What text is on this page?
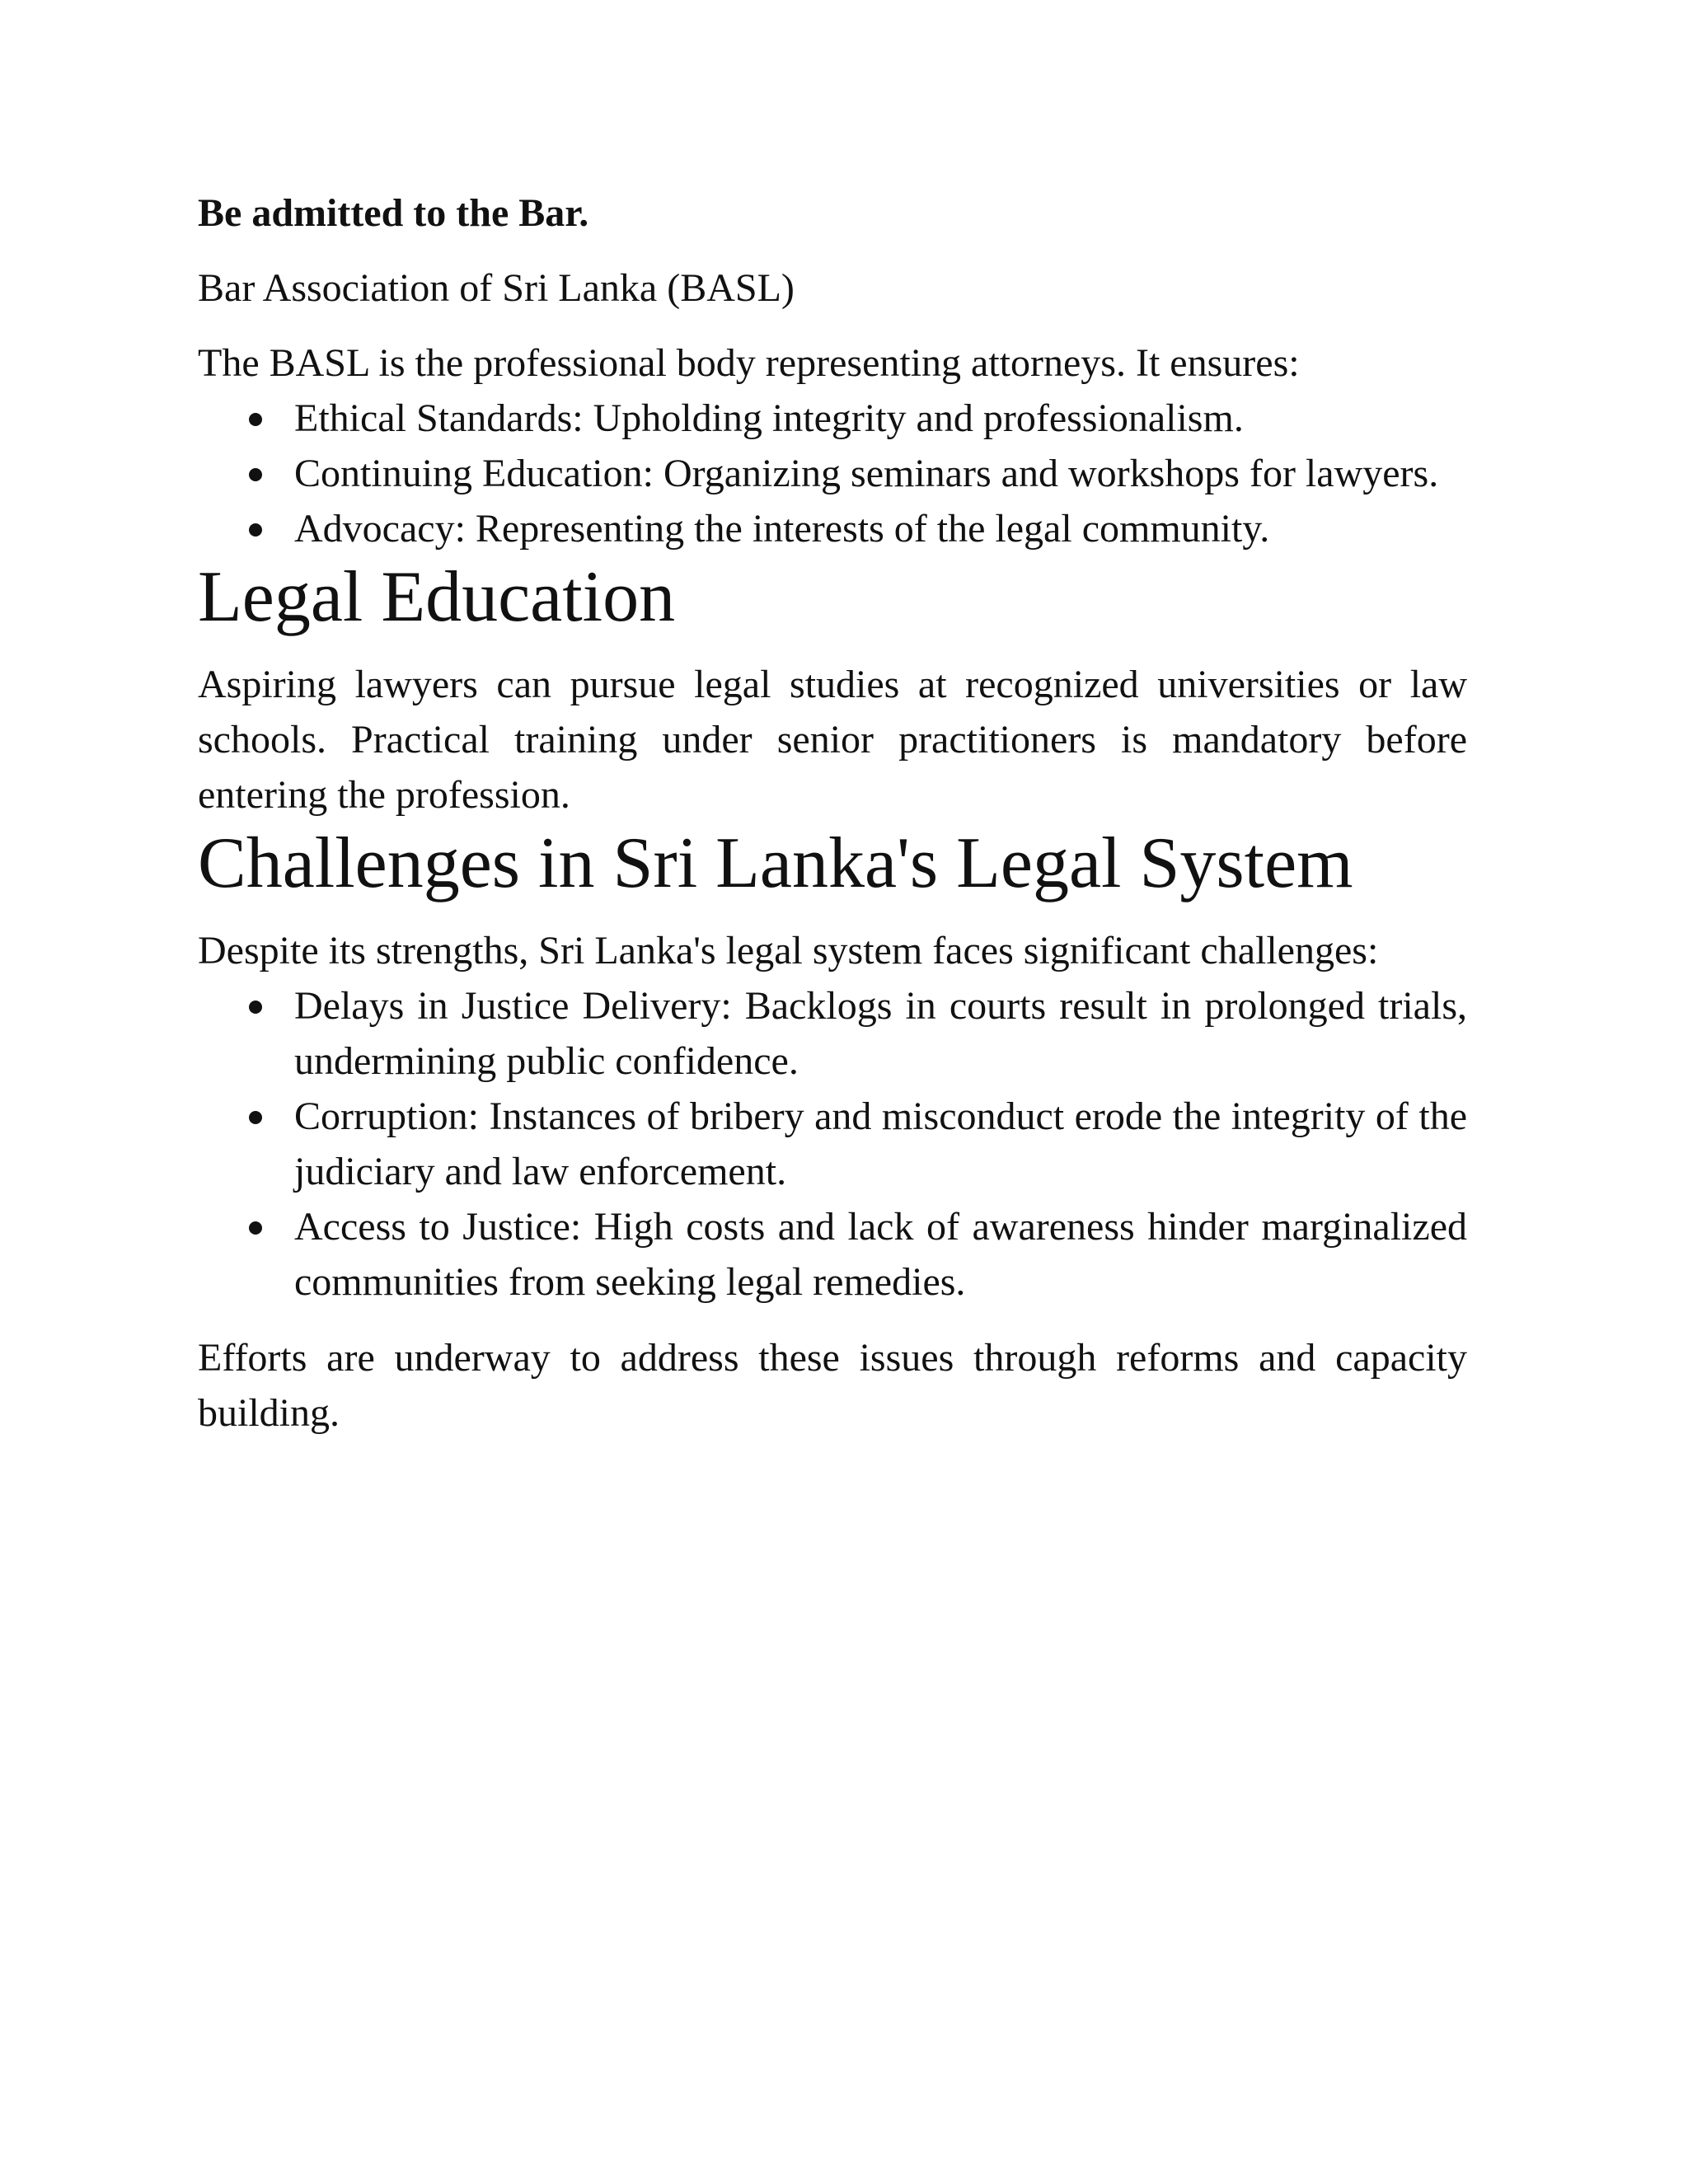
Be admitted to the Bar.

Bar Association of Sri Lanka (BASL)

The BASL is the professional body representing attorneys. It ensures:

Ethical Standards: Upholding integrity and professionalism.
Continuing Education: Organizing seminars and workshops for lawyers.
Advocacy: Representing the interests of the legal community.
Legal Education

Aspiring lawyers can pursue legal studies at recognized universities or law schools. Practical training under senior practitioners is mandatory before entering the profession.

Challenges in Sri Lanka's Legal System

Despite its strengths, Sri Lanka's legal system faces significant challenges:

Delays in Justice Delivery: Backlogs in courts result in prolonged trials, undermining public confidence.
Corruption: Instances of bribery and misconduct erode the integrity of the judiciary and law enforcement.
Access to Justice: High costs and lack of awareness hinder marginalized communities from seeking legal remedies.

Efforts are underway to address these issues through reforms and capacity building.
